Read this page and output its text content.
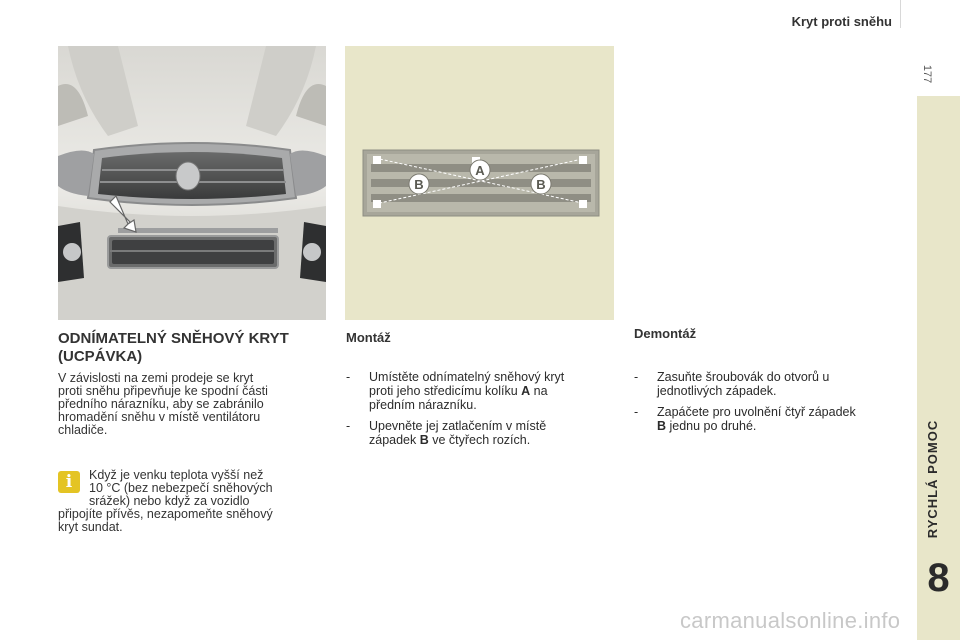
Kryt proti sněhu
177
RYCHLÁ POMOC
8
A
B	B
ODNÍMATELNÝ SNĚHOVÝ KRYT
(UCPÁVKA)
V závislosti na zemi prodeje se kryt
proti sněhu připevňuje ke spodní části
předního nárazníku, aby se zabránilo
hromadění sněhu v místě ventilátoru
chladiče.
i	Když je venku teplota vyšší než
10 °C (bez nebezpečí sněhových
srážek) nebo když za vozidlo
připojíte přívěs, nezapomeňte sněhový
kryt sundat.
Montáž
- Umístěte odnímatelný sněhový kryt
proti jeho středicímu kolíku A na
předním nárazníku.
- Upevněte jej zatlačením v místě
západek B ve čtyřech rozích.
Demontáž
- Zasuňte šroubovák do otvorů u
jednotlivých západek.
- Zapáčete pro uvolnění čtyř západek
B jednu po druhé.
carmanualsonline.info
